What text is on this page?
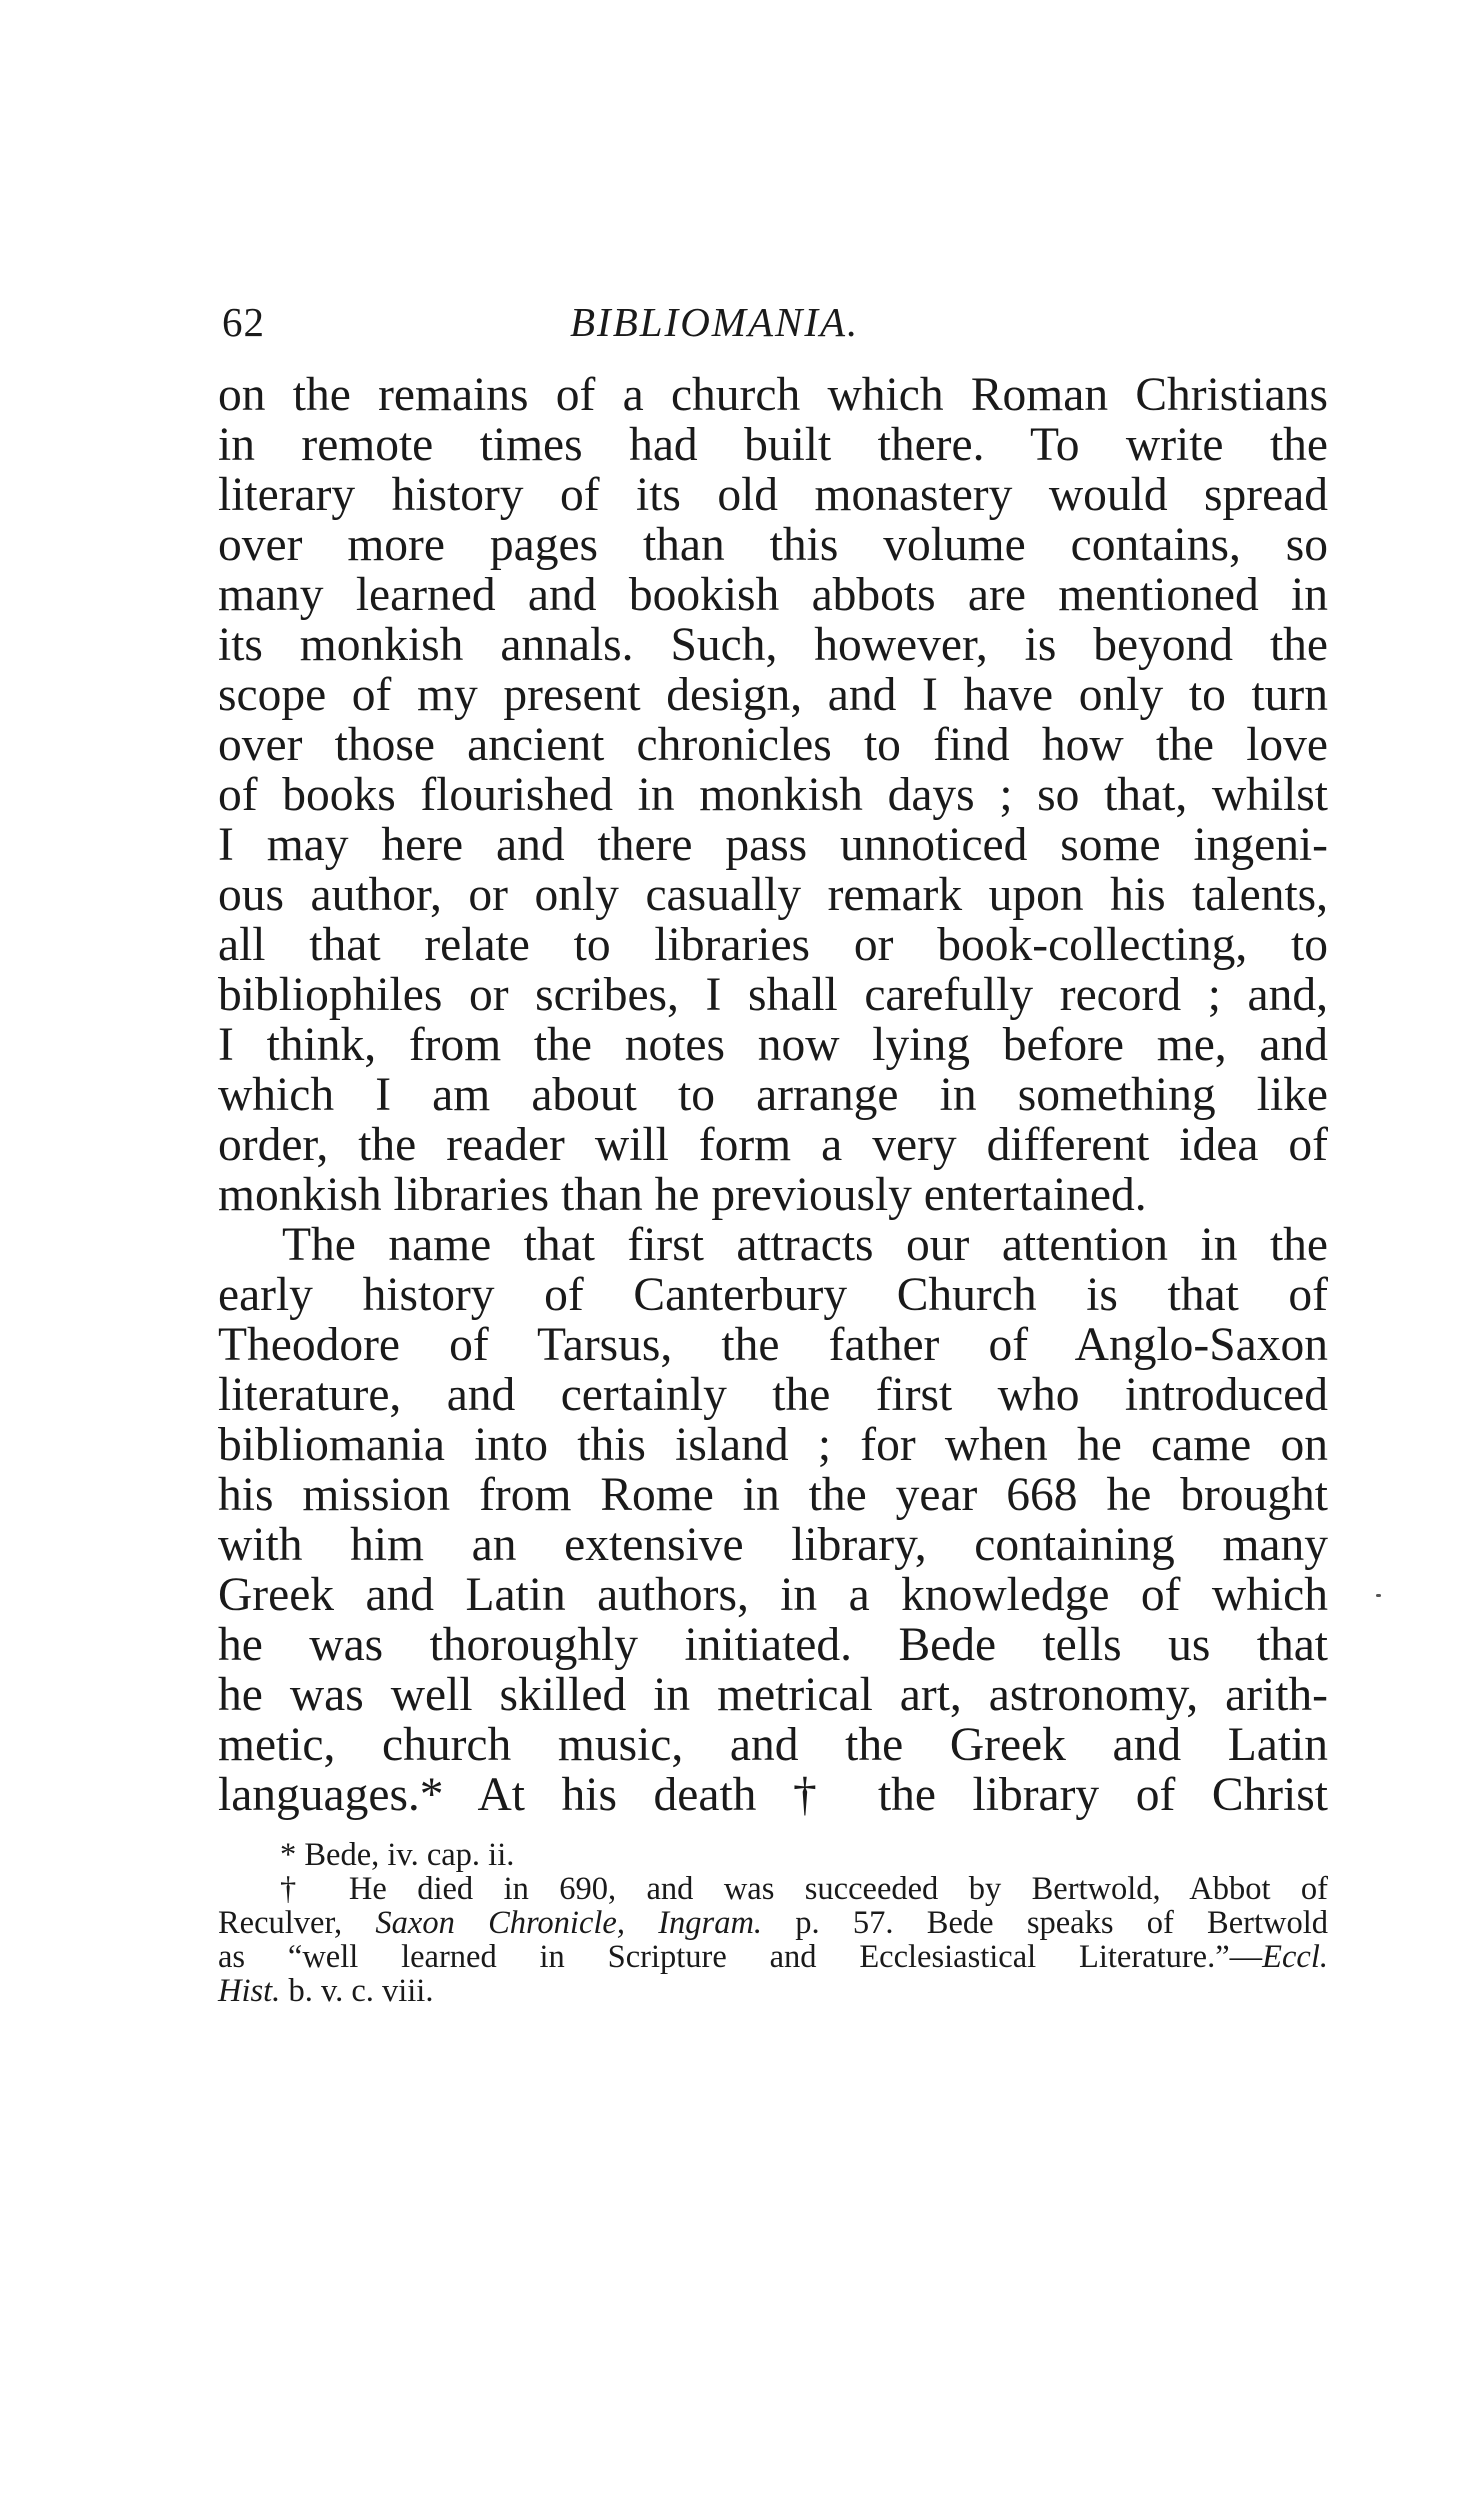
62	BIBLIOMANIA.
on the remains of a church which Roman Christians
in remote times had built there. To write the
literary history of its old monastery would spread
over more pages than this volume contains, so
many learned and bookish abbots are mentioned in
its monkish annals. Such, however, is beyond the
scope of my present design, and I have only to turn
over those ancient chronicles to find how the love
of books flourished in monkish days ; so that, whilst
I may here and there pass unnoticed some ingeni-
ous author, or only casually remark upon his talents,
all that relate to libraries or book-collecting, to
bibliophiles or scribes, I shall carefully record ; and,
I think, from the notes now lying before me, and
which I am about to arrange in something like
order, the reader will form a very different idea of
monkish libraries than he previously entertained.
The name that first attracts our attention in the
early history of Canterbury Church is that of
Theodore of Tarsus, the father of Anglo-Saxon
literature, and certainly the first who introduced
bibliomania into this island ; for when he came on
his mission from Rome in the year 668 he brought
with him an extensive library, containing many
Greek and Latin authors, in a knowledge of which
he was thoroughly initiated. Bede tells us that
he was well skilled in metrical art, astronomy, arith-
metic, church music, and the Greek and Latin
languages.* At his death † the library of Christ
* Bede, iv. cap. ii.
† He died in 690, and was succeeded by Bertwold, Abbot of
Reculver, Saxon Chronicle, Ingram. p. 57. Bede speaks of Bertwold
as “well learned in Scripture and Ecclesiastical Literature.”—Eccl.
Hist. b. v. c. viii.
